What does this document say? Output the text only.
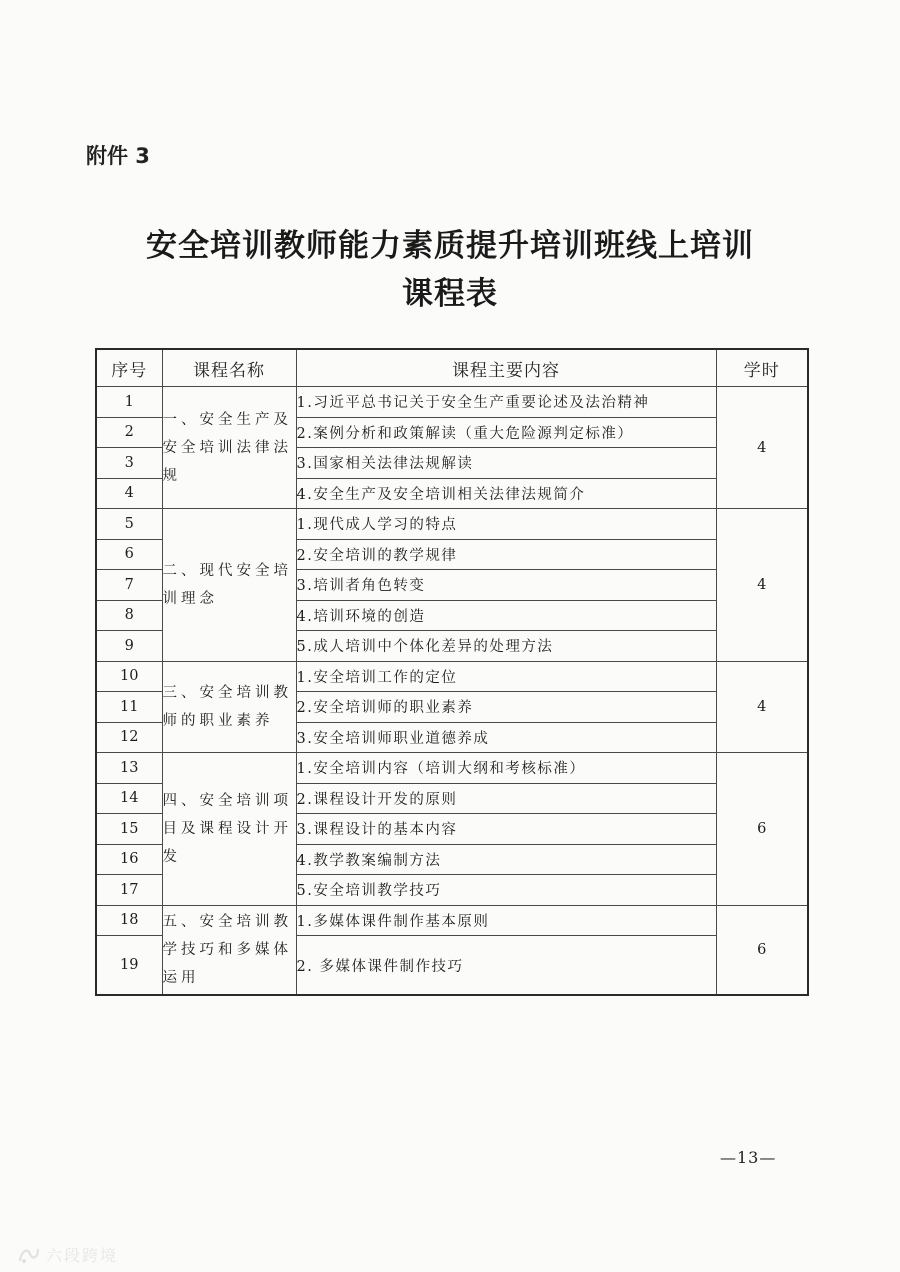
附件 3
安全培训教师能力素质提升培训班线上培训
课程表
序号	课程名称	课程主要内容	学时
1	一、安全生产及安全培训法律法规	1.习近平总书记关于安全生产重要论述及法治精神	4
2		2.案例分析和政策解读（重大危险源判定标准）	
3		3.国家相关法律法规解读	
4		4.安全生产及安全培训相关法律法规简介	
5	二、现代安全培训理念	1.现代成人学习的特点	4
6		2.安全培训的教学规律	
7		3.培训者角色转变	
8		4.培训环境的创造	
9		5.成人培训中个体化差异的处理方法	
10	三、安全培训教师的职业素养	1.安全培训工作的定位	4
11		2.安全培训师的职业素养	
12		3.安全培训师职业道德养成	
13	四、安全培训项目及课程设计开发	1.安全培训内容（培训大纲和考核标准）	6
14		2.课程设计开发的原则	
15		3.课程设计的基本内容	
16		4.教学教案编制方法	
17		5.安全培训教学技巧	
18	五、安全培训教学技巧和多媒体运用	1.多媒体课件制作基本原则	6
19		2. 多媒体课件制作技巧	
—13—
六段跨境
